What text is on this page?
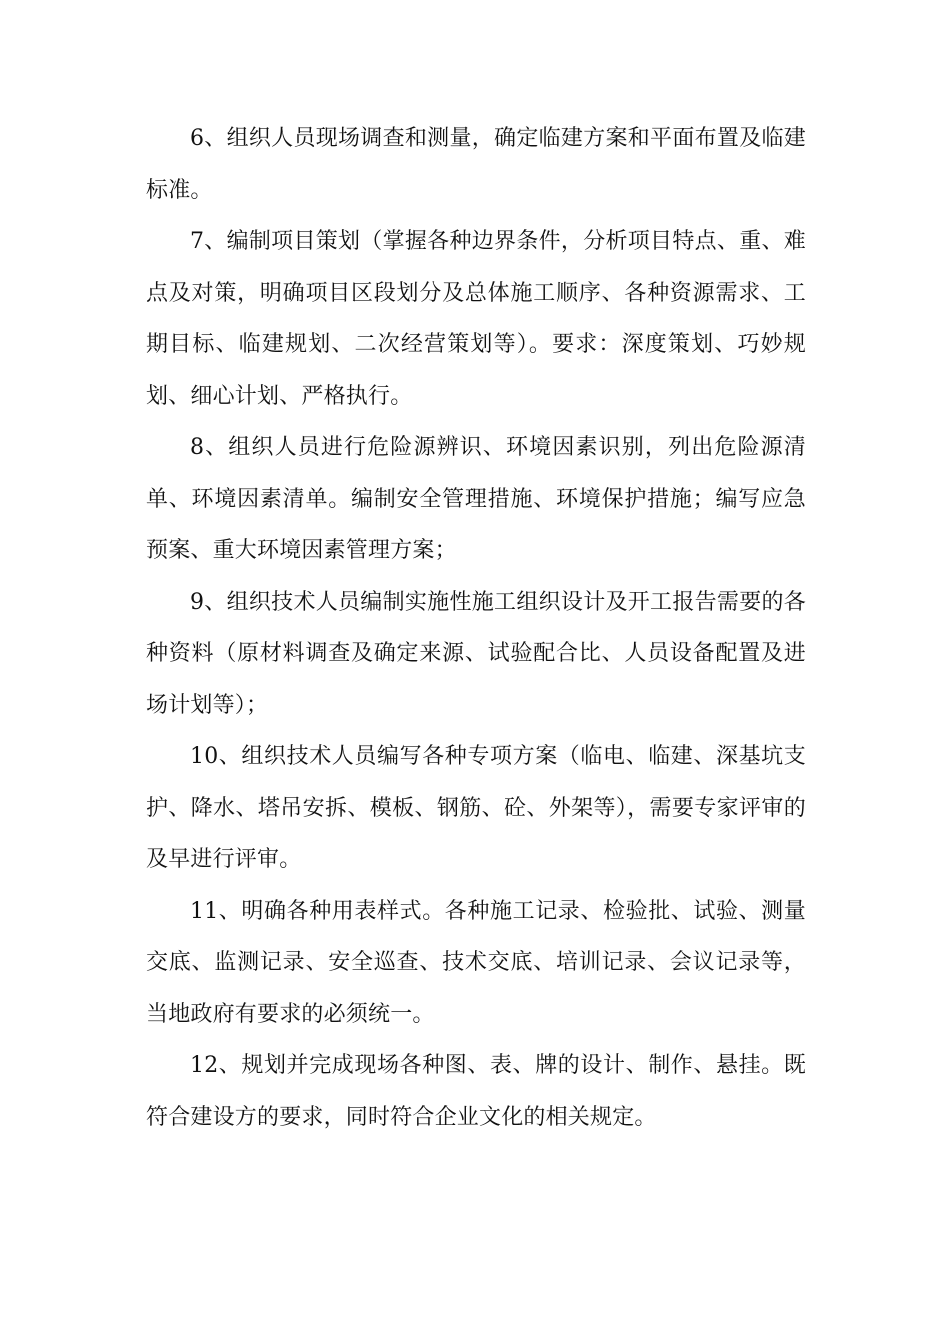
6、组织人员现场调查和测量，确定临建方案和平面布置及临建标准。

7、编制项目策划（掌握各种边界条件，分析项目特点、重、难点及对策，明确项目区段划分及总体施工顺序、各种资源需求、工期目标、临建规划、二次经营策划等）。要求：深度策划、巧妙规划、细心计划、严格执行。

8、组织人员进行危险源辨识、环境因素识别，列出危险源清单、环境因素清单。编制安全管理措施、环境保护措施；编写应急预案、重大环境因素管理方案；

9、组织技术人员编制实施性施工组织设计及开工报告需要的各种资料（原材料调查及确定来源、试验配合比、人员设备配置及进场计划等）；

10、组织技术人员编写各种专项方案（临电、临建、深基坑支护、降水、塔吊安拆、模板、钢筋、砼、外架等），需要专家评审的及早进行评审。

11、明确各种用表样式。各种施工记录、检验批、试验、测量交底、监测记录、安全巡查、技术交底、培训记录、会议记录等，当地政府有要求的必须统一。

12、规划并完成现场各种图、表、牌的设计、制作、悬挂。既符合建设方的要求，同时符合企业文化的相关规定。
